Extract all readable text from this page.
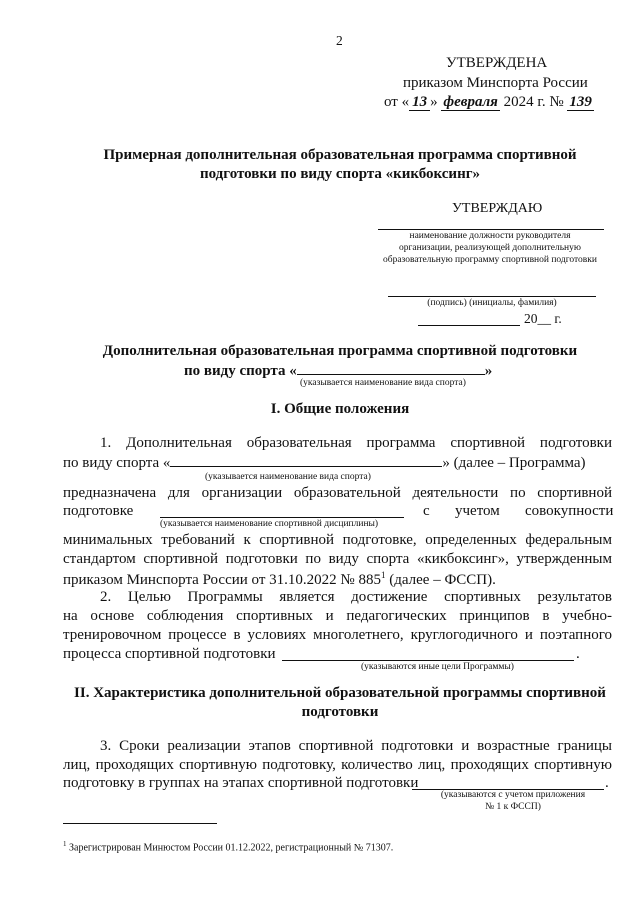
2
УТВЕРЖДЕНА
приказом Минспорта России
от « 13 » февраля 2024 г. № 139
Примерная дополнительная образовательная программа спортивной
подготовки по виду спорта «кикбоксинг»
УТВЕРЖДАЮ
наименование должности руководителя
организации, реализующей дополнительную
образовательную программу спортивной подготовки
(подпись) (инициалы, фамилия)
20__ г.
Дополнительная образовательная программа спортивной подготовки
по виду спорта «	»
(указывается наименование вида спорта)
I. Общие положения
1. Дополнительная образовательная программа спортивной подготовки
по виду спорта «	» (далее – Программа)
(указывается наименование вида спорта)
предназначена для организации образовательной деятельности по спортивной
подготовке	с учетом совокупности
(указывается наименование спортивной дисциплины)
минимальных требований к спортивной подготовке, определенных федеральным
стандартом спортивной подготовки по виду спорта «кикбоксинг», утвержденным
приказом Минспорта России от 31.10.2022 № $885^1$ (далее – ФССП).
2. Целью Программы является достижение спортивных результатов
на основе соблюдения спортивных и педагогических принципов в учебно-
тренировочном процессе в условиях многолетнего, круглогодичного и поэтапного
процесса спортивной подготовки	.
(указываются иные цели Программы)
II. Характеристика дополнительной образовательной программы спортивной
подготовки
3. Сроки реализации этапов спортивной подготовки и возрастные границы
лиц, проходящих спортивную подготовку, количество лиц, проходящих спортивную
подготовку в группах на этапах спортивной подготовки	.
(указываются с учетом приложения
№ 1 к ФССП)
$^1$ Зарегистрирован Минюстом России 01.12.2022, регистрационный № 71307.
